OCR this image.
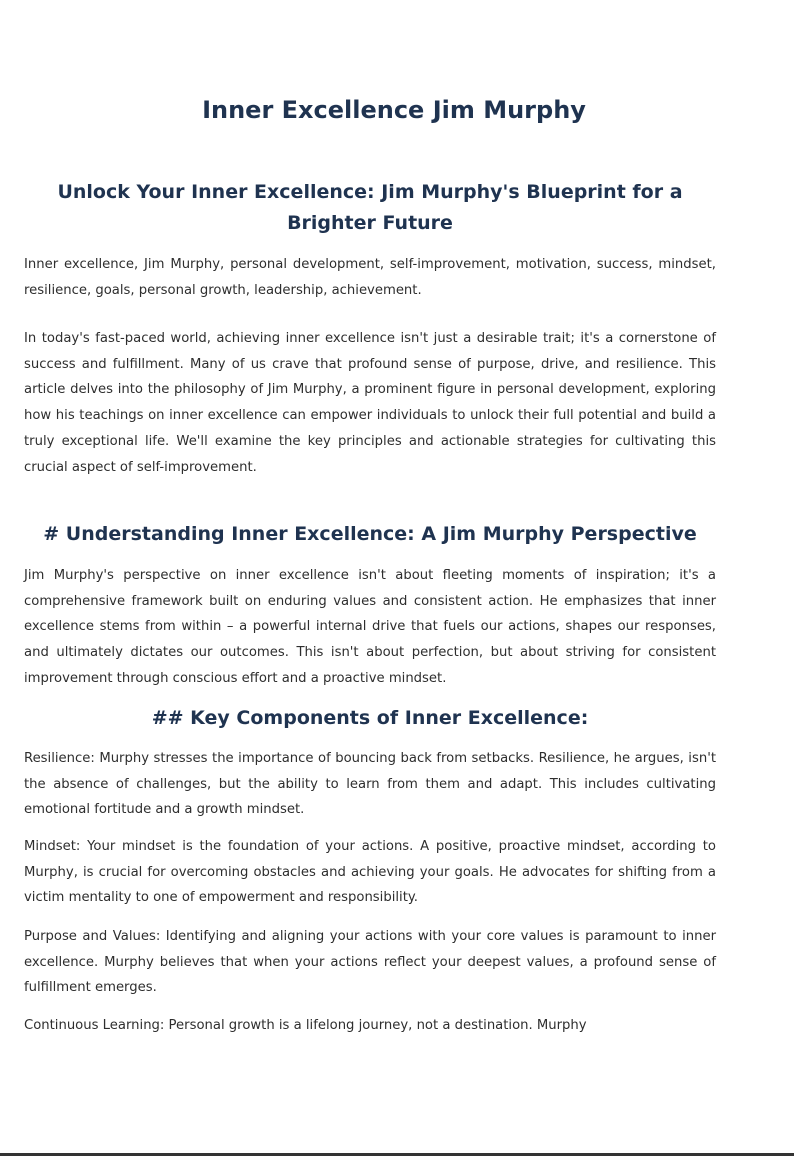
Inner Excellence Jim Murphy
Unlock Your Inner Excellence: Jim Murphy's Blueprint for a Brighter Future

Inner excellence, Jim Murphy, personal development, self-improvement, motivation, success, mindset, resilience, goals, personal growth, leadership, achievement.

In today's fast-paced world, achieving inner excellence isn't just a desirable trait; it's a cornerstone of success and fulfillment. Many of us crave that profound sense of purpose, drive, and resilience. This article delves into the philosophy of Jim Murphy, a prominent figure in personal development, exploring how his teachings on inner excellence can empower individuals to unlock their full potential and build a truly exceptional life. We'll examine the key principles and actionable strategies for cultivating this crucial aspect of self-improvement.

# Understanding Inner Excellence: A Jim Murphy Perspective

Jim Murphy's perspective on inner excellence isn't about fleeting moments of inspiration; it's a comprehensive framework built on enduring values and consistent action. He emphasizes that inner excellence stems from within – a powerful internal drive that fuels our actions, shapes our responses, and ultimately dictates our outcomes. This isn't about perfection, but about striving for consistent improvement through conscious effort and a proactive mindset.

## Key Components of Inner Excellence:

Resilience: Murphy stresses the importance of bouncing back from setbacks. Resilience, he argues, isn't the absence of challenges, but the ability to learn from them and adapt. This includes cultivating emotional fortitude and a growth mindset.

Mindset: Your mindset is the foundation of your actions. A positive, proactive mindset, according to Murphy, is crucial for overcoming obstacles and achieving your goals. He advocates for shifting from a victim mentality to one of empowerment and responsibility.

Purpose and Values: Identifying and aligning your actions with your core values is paramount to inner excellence. Murphy believes that when your actions reflect your deepest values, a profound sense of fulfillment emerges.

Continuous Learning: Personal growth is a lifelong journey, not a destination. Murphy
